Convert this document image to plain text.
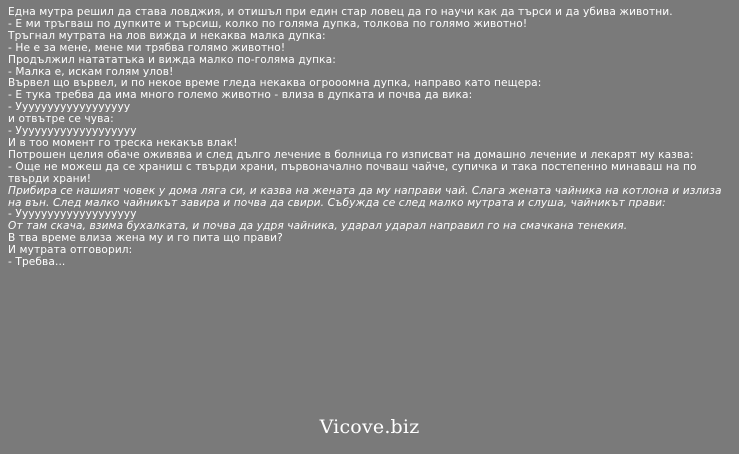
Една мутра решил да става ловджия, и отишъл при един стар ловец да го научи как да търси и да убива животни.

- Е ми тръгваш по дупките и търсиш, колко по голяма дупка, толкова по голямо животно!

Тръгнал мутрата на лов вижда и некаква малка дупка:

- Не е за мене, мене ми трябва голямо животно!

Продължил натататъка и вижда малко по-голяма дупка:

- Малка е, искам голям улов!

Вървел що вървел, и по некое време гледа некаква огрооомна дупка, направо като пещера:

- Е тука требва да има много големо животно - влиза в дупката и почва да вика:

- Уууууууууууууууууу

и отвътре се чува:

- Ууууууууууууууууууу

И в тоо момент го треска некакъв влак!

Потрошен целия обаче оживява и след дълго лечение в болница го изписват на домашно лечение и лекарят му казва:

- Още не можеш да се храниш с твърди храни, първоначално почваш чайче, супичка и така постепенно минаваш на по твърди храни!

Прибира се нашият човек у дома ляга си, и казва на жената да му направи чай. Слага жената чайника на котлона и излиза на вън. След малко чайникът завира и почва да свири. Събужда се след малко мутрата и слуша, чайникът прави:

- Ууууууууууууууууууу

От там скача, взима бухалката, и почва да удря чайника, ударал ударал направил го на смачкана тенекия.

В тва време влиза жена му и го пита що прави?

И мутрата отговорил:

- Требва...

Vicove.biz
